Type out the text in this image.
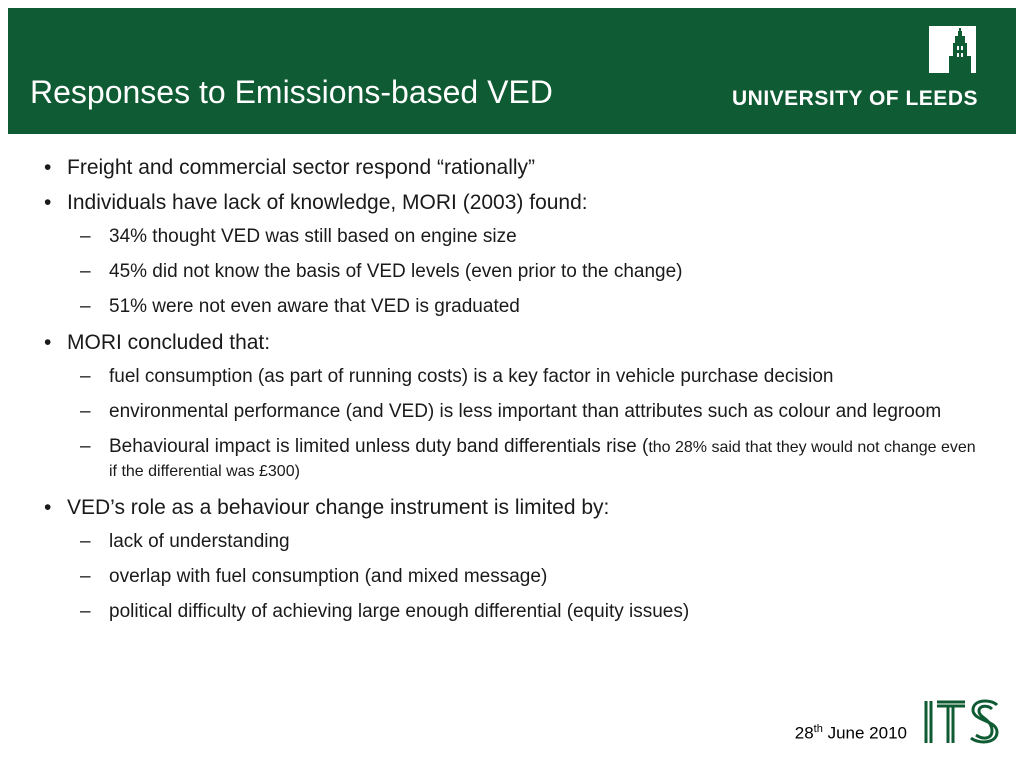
Responses to Emissions-based VED	UNIVERSITY OF LEEDS
• Freight and commercial sector respond “rationally”
• Individuals have lack of knowledge, MORI (2003) found:
– 34% thought VED was still based on engine size
– 45% did not know the basis of VED levels (even prior to the change)
– 51% were not even aware that VED is graduated
• MORI concluded that:
– fuel consumption (as part of running costs) is a key factor in vehicle purchase decision
– environmental performance (and VED) is less important than attributes such as colour and legroom
– Behavioural impact is limited unless duty band differentials rise (tho 28% said that they would not change even if the differential was £300)
• VED’s role as a behaviour change instrument is limited by:
– lack of understanding
– overlap with fuel consumption (and mixed message)
– political difficulty of achieving large enough differential (equity issues)
28th June 2010
